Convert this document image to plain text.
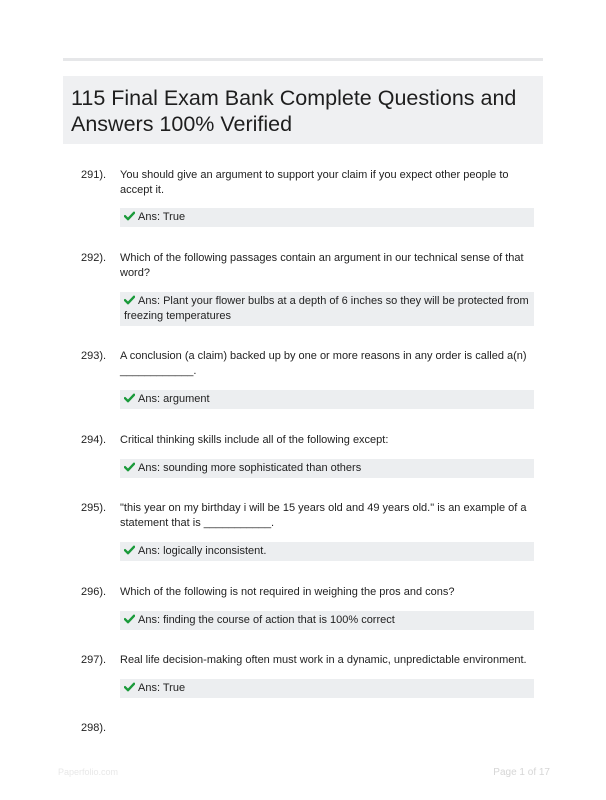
115 Final Exam Bank Complete Questions and Answers 100% Verified
291). You should give an argument to support your claim if you expect other people to accept it.
Ans: True
292). Which of the following passages contain an argument in our technical sense of that word?
Ans: Plant your flower bulbs at a depth of 6 inches so they will be protected from freezing temperatures
293). A conclusion (a claim) backed up by one or more reasons in any order is called a(n) ____________.
Ans: argument
294). Critical thinking skills include all of the following except:
Ans: sounding more sophisticated than others
295). "this year on my birthday i will be 15 years old and 49 years old." is an example of a statement that is ___________.
Ans: logically inconsistent.
296). Which of the following is not required in weighing the pros and cons?
Ans: finding the course of action that is 100% correct
297). Real life decision-making often must work in a dynamic, unpredictable environment.
Ans: True
298).
Paperfolio.com	Page 1 of 17
